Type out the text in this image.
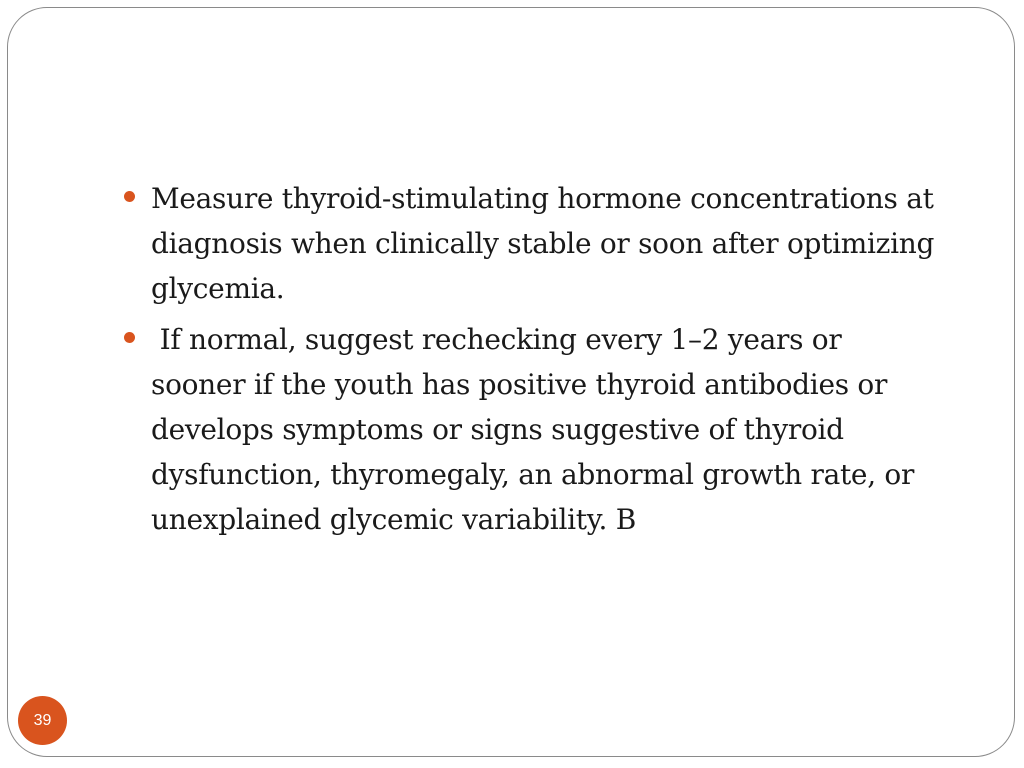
Measure thyroid-stimulating hormone concentrations at diagnosis when clinically stable or soon after optimizing glycemia.
If normal, suggest rechecking every 1–2 years or sooner if the youth has positive thyroid antibodies or develops symptoms or signs suggestive of thyroid dysfunction, thyromegaly, an abnormal growth rate, or unexplained glycemic variability. B
39
